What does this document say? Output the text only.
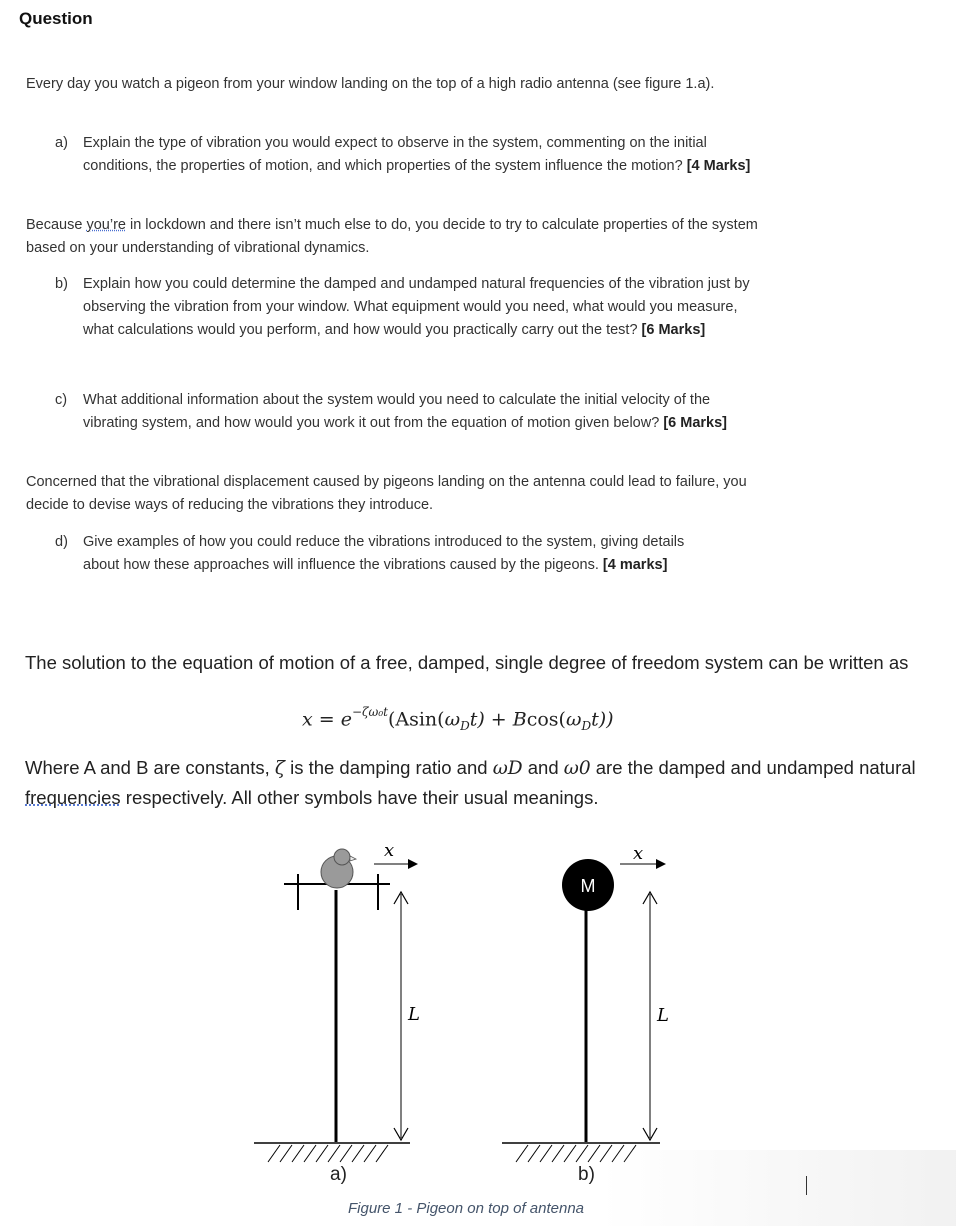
Question
Every day you watch a pigeon from your window landing on the top of a high radio antenna (see figure 1.a).
a) Explain the type of vibration you would expect to observe in the system, commenting on the initial conditions, the properties of motion, and which properties of the system influence the motion? [4 Marks]
Because you’re in lockdown and there isn’t much else to do, you decide to try to calculate properties of the system based on your understanding of vibrational dynamics.
b) Explain how you could determine the damped and undamped natural frequencies of the vibration just by observing the vibration from your window. What equipment would you need, what would you measure, what calculations would you perform, and how would you practically carry out the test? [6 Marks]
c) What additional information about the system would you need to calculate the initial velocity of the vibrating system, and how would you work it out from the equation of motion given below? [6 Marks]
Concerned that the vibrational displacement caused by pigeons landing on the antenna could lead to failure, you decide to devise ways of reducing the vibrations they introduce.
d) Give examples of how you could reduce the vibrations introduced to the system, giving details about how these approaches will influence the vibrations caused by the pigeons. [4 marks]
The solution to the equation of motion of a free, damped, single degree of freedom system can be written as
$x = e^{-\zeta\omega_0t}(Asin(\omega_Dt) + Bcos(\omega_Dt))$
Where A and B are constants, ζ is the damping ratio and ωD and ω0 are the damped and undamped natural frequencies respectively. All other symbols have their usual meanings.
x
L
M
x
L
a)	b)
Figure 1 - Pigeon on top of antenna
